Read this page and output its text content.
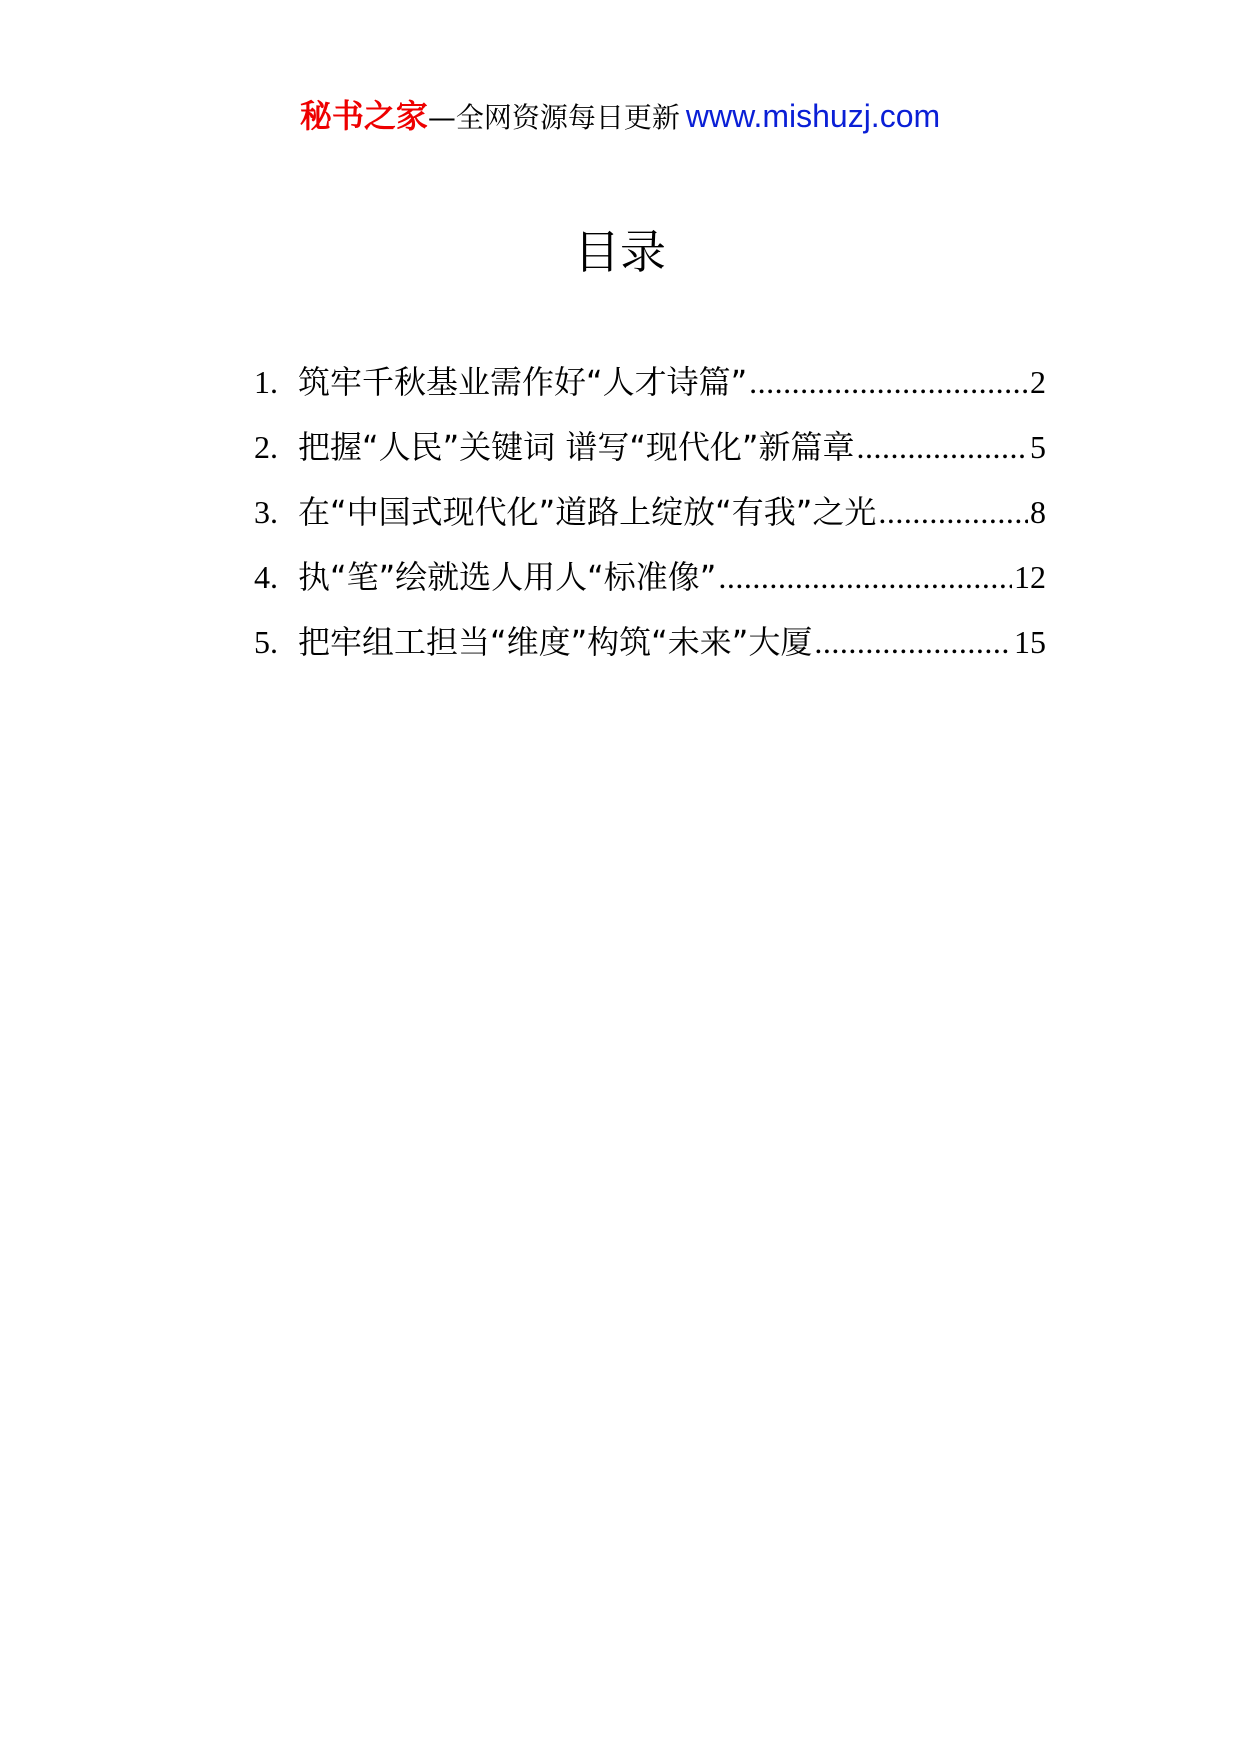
秘书之家—全网资源每日更新 www.mishuzj.com
目录
1. 筑牢千秋基业需作好“人才诗篇” .....	2
2. 把握“人民”关键词 谱写“现代化”新篇章 .....	5
3. 在“中国式现代化”道路上绽放“有我”之光 .....	8
4. 执“笔”绘就选人用人“标准像” .....	12
5. 把牢组工担当“维度”构筑“未来”大厦 .....	15
